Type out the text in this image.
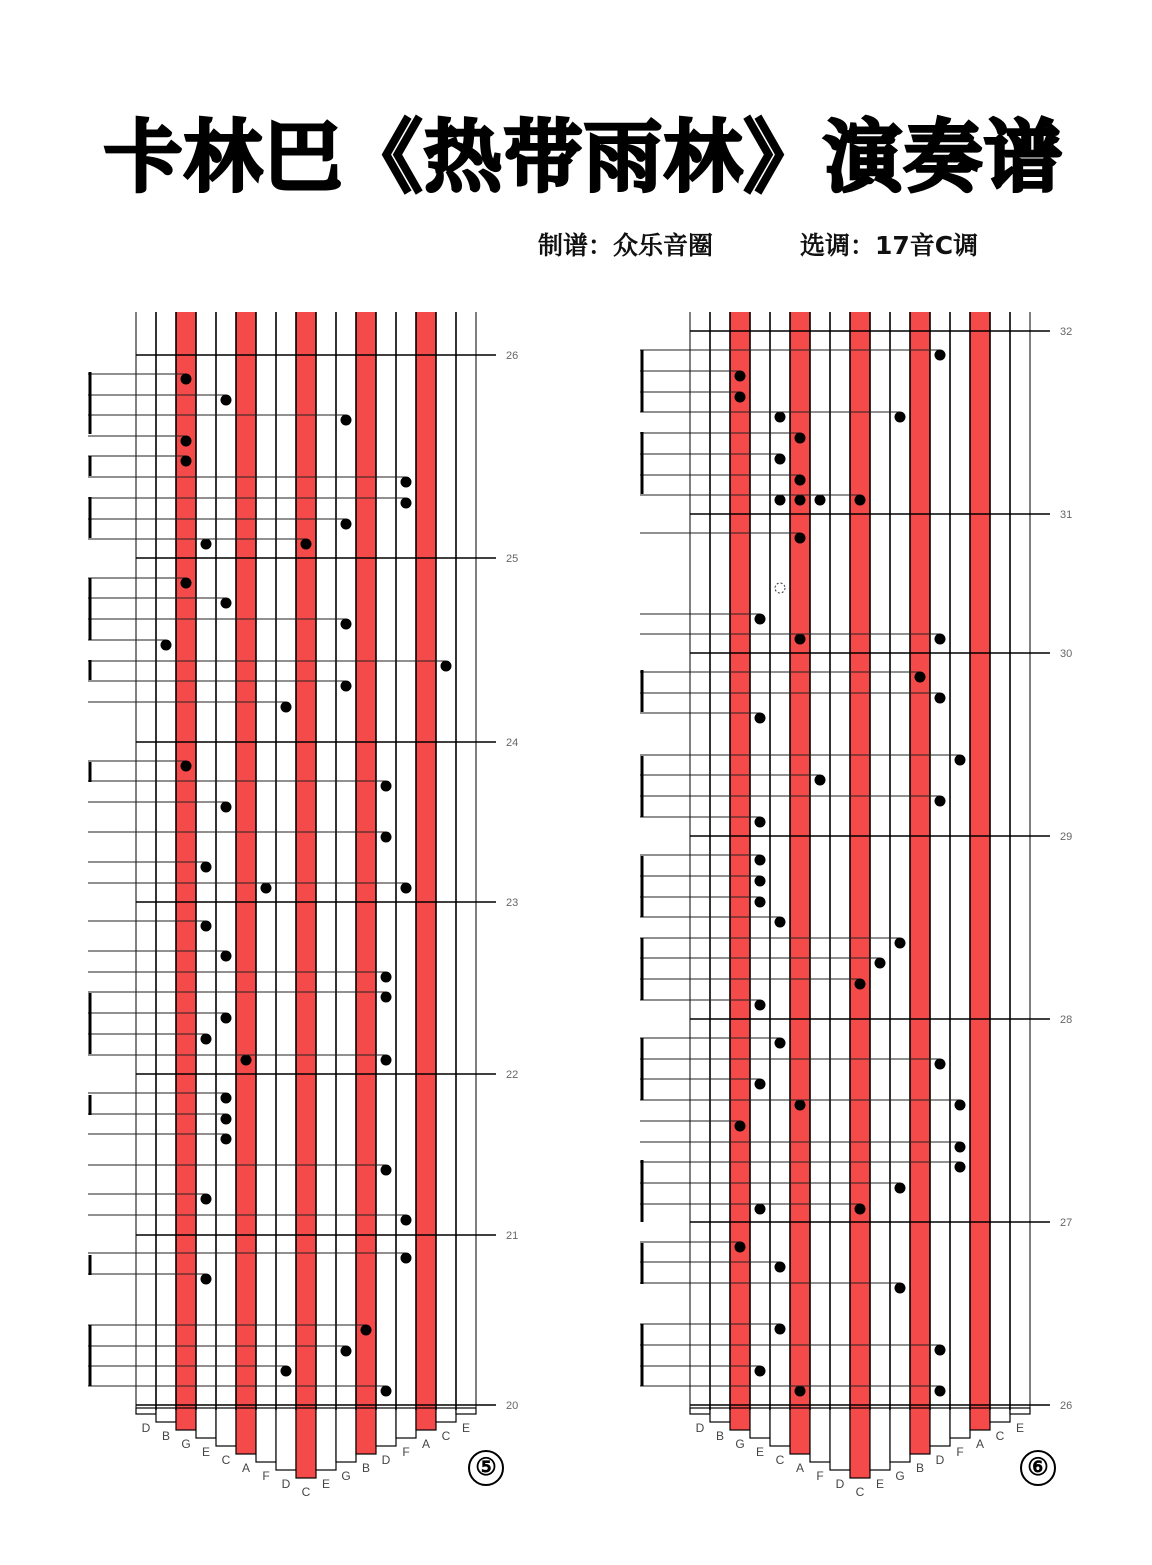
卡林巴《热带雨林》演奏谱
制谱：众乐音圈	选调：17音C调
D
B
G
E
C
A
F
D
C
E
G
B
D
F
A
C
E
26
25
24
23
22
21
20
⑤
D
B
G
E
C
A
F
D
C
E
G
B
D
F
A
C
E
32
31
30
29
28
27
26
⑥
